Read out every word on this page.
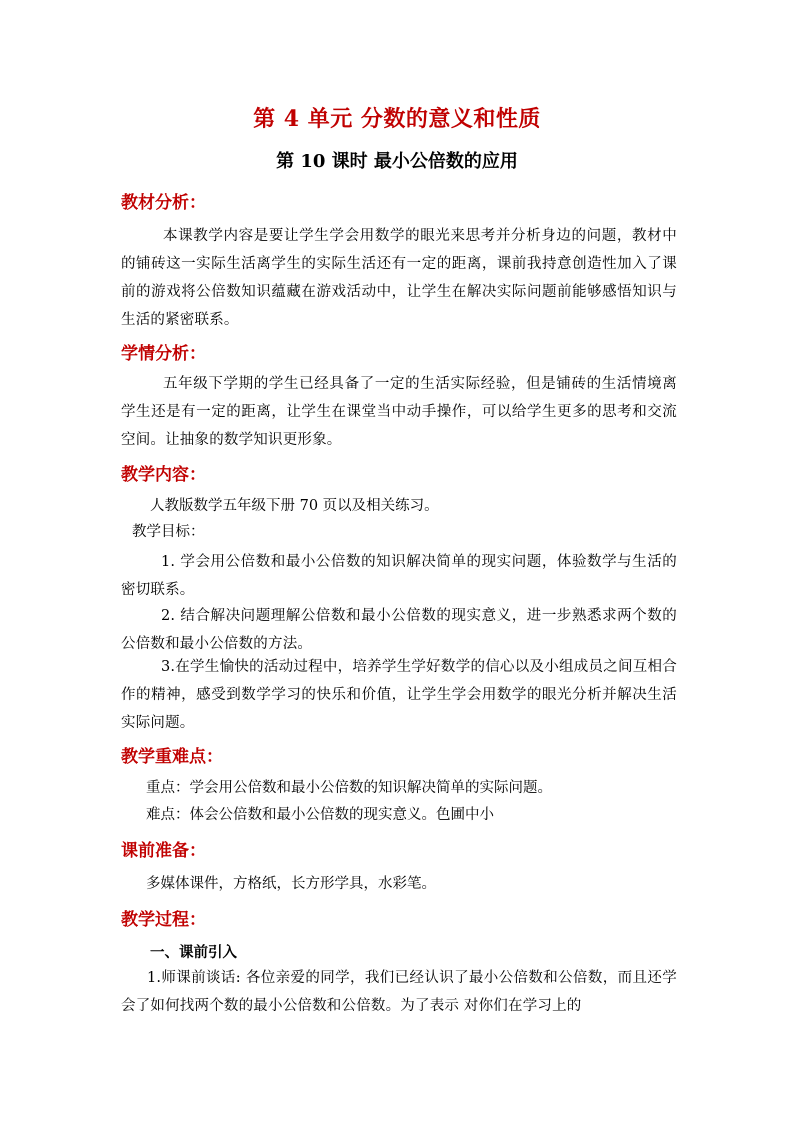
第 4 单元 分数的意义和性质
第 10 课时 最小公倍数的应用
教材分析：
本课教学内容是要让学生学会用数学的眼光来思考并分析身边的问题，教材中的铺砖这一实际生活离学生的实际生活还有一定的距离，课前我持意创造性加入了课前的游戏将公倍数知识蕴藏在游戏活动中，让学生在解决实际问题前能够感悟知识与生活的紧密联系。
学情分析：
五年级下学期的学生已经具备了一定的生活实际经验，但是铺砖的生活情境离学生还是有一定的距离，让学生在课堂当中动手操作，可以给学生更多的思考和交流空间。让抽象的数学知识更形象。
教学内容：
人教版数学五年级下册 70 页以及相关练习。
教学目标：
1. 学会用公倍数和最小公倍数的知识解决简单的现实问题，体验数学与生活的密切联系。
2. 结合解决问题理解公倍数和最小公倍数的现实意义，进一步熟悉求两个数的公倍数和最小公倍数的方法。
3.在学生愉快的活动过程中，培养学生学好数学的信心以及小组成员之间互相合作的精神，感受到数学学习的快乐和价值，让学生学会用数学的眼光分析并解决生活实际问题。
教学重难点：
重点：学会用公倍数和最小公倍数的知识解决简单的实际问题。
难点：体会公倍数和最小公倍数的现实意义。色圃中小
课前准备：
多媒体课件，方格纸，长方形学具，水彩笔。
教学过程：
一、课前引入
1.师课前谈话: 各位亲爱的同学，我们已经认识了最小公倍数和公倍数，而且还学会了如何找两个数的最小公倍数和公倍数。为了表示 对你们在学习上的
